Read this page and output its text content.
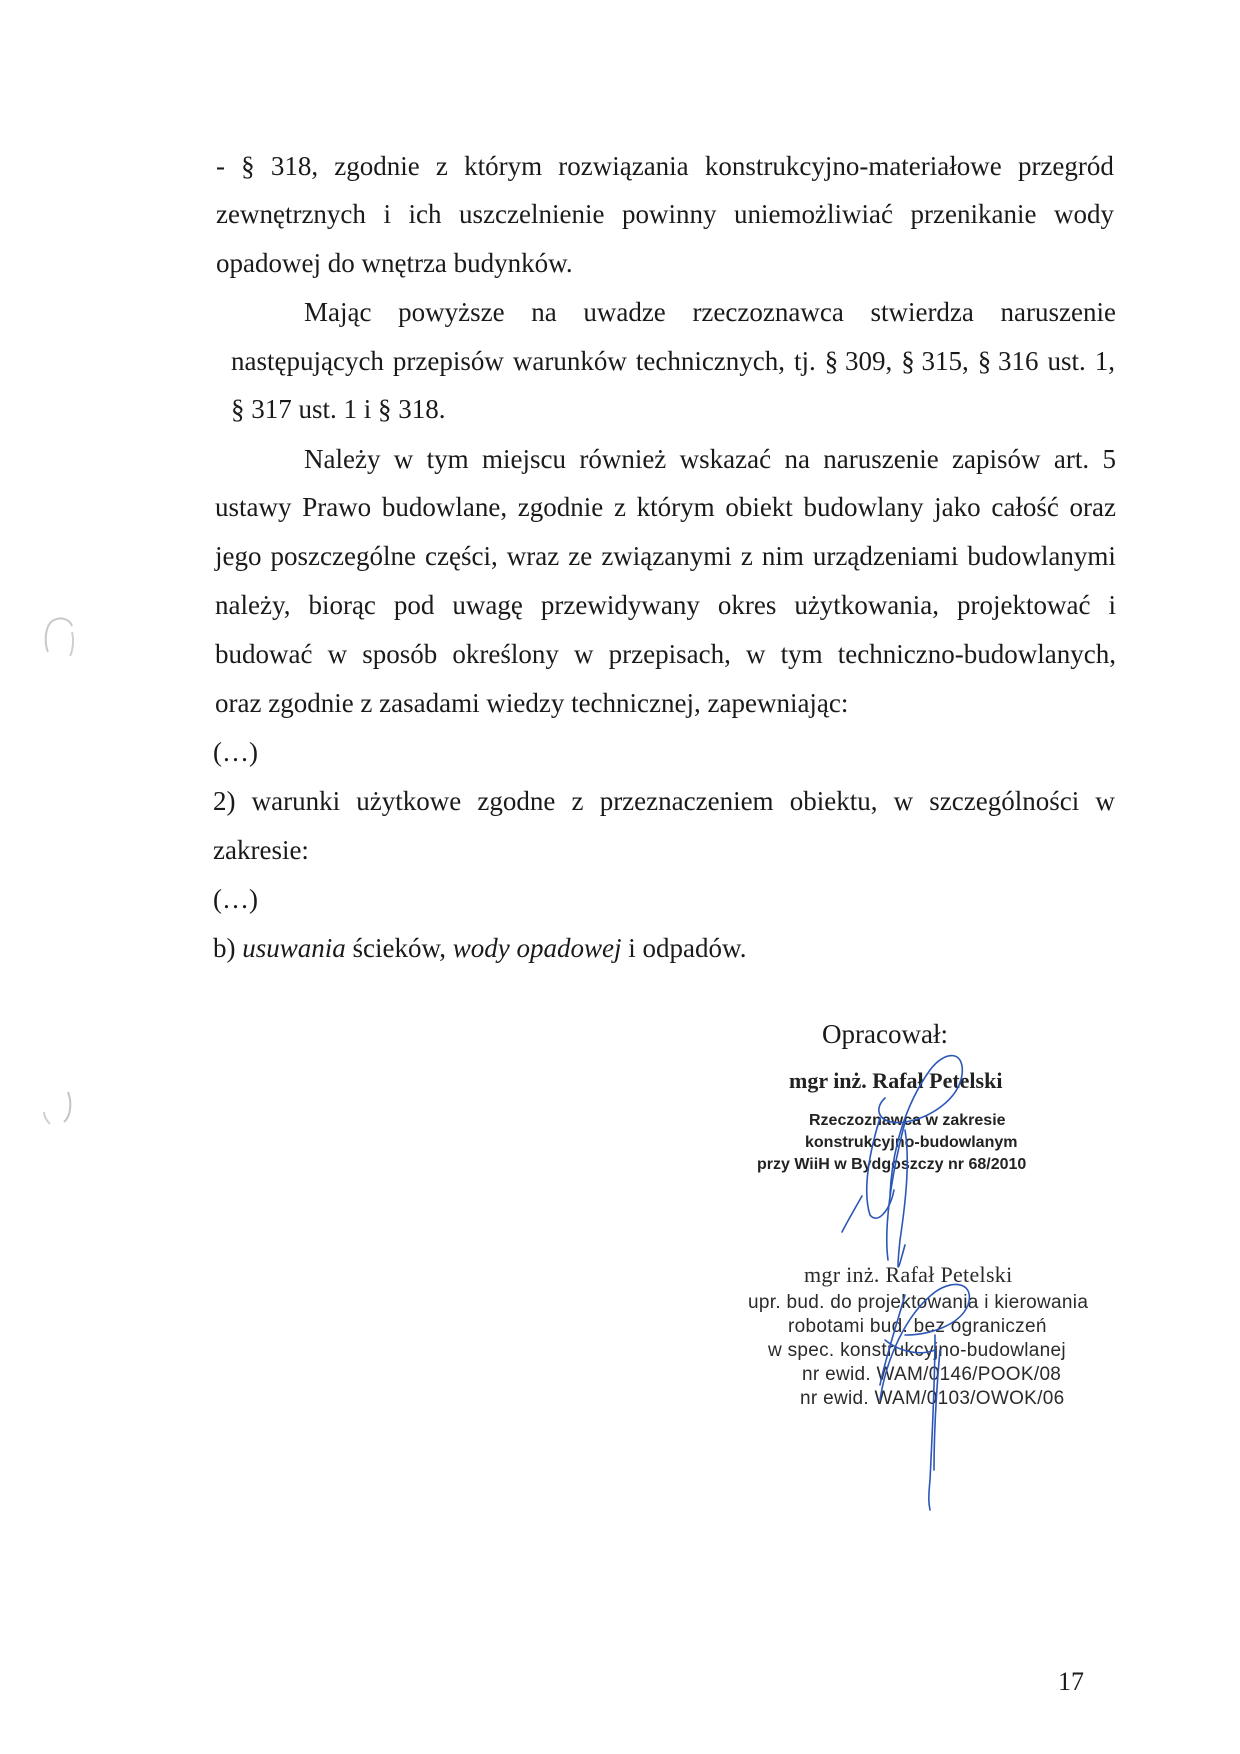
- § 318, zgodnie z którym rozwiązania konstrukcyjno-materiałowe przegród

zewnętrznych i ich uszczelnienie powinny uniemożliwiać przenikanie wody

opadowej do wnętrza budynków.

Mając powyższe na uwadze rzeczoznawca stwierdza naruszenie

następujących przepisów warunków technicznych, tj. § 309, § 315, § 316 ust. 1,

§ 317 ust. 1 i § 318.

Należy w tym miejscu również wskazać na naruszenie zapisów art. 5

ustawy Prawo budowlane, zgodnie z którym obiekt budowlany jako całość oraz

jego poszczególne części, wraz ze związanymi z nim urządzeniami budowlanymi

należy, biorąc pod uwagę przewidywany okres użytkowania, projektować i

budować w sposób określony w przepisach, w tym techniczno-budowlanych,

oraz zgodnie z zasadami wiedzy technicznej, zapewniając:

(…)

2) warunki użytkowe zgodne z przeznaczeniem obiektu, w szczególności w

zakresie:

(…)

b) usuwania ścieków, wody opadowej i odpadów.

Opracował:

mgr inż. Rafał Petelski
Rzeczoznawca w zakresie
konstrukcyjno-budowlanym
przy WiiH w Bydgoszczy nr 68/2010
mgr inż. Rafał Petelski
upr. bud. do projektowania i kierowania
robotami bud. bez ograniczeń
w spec. konstrukcyjno-budowlanej
nr ewid. WAM/0146/POOK/08
nr ewid. WAM/0103/OWOK/06
17
